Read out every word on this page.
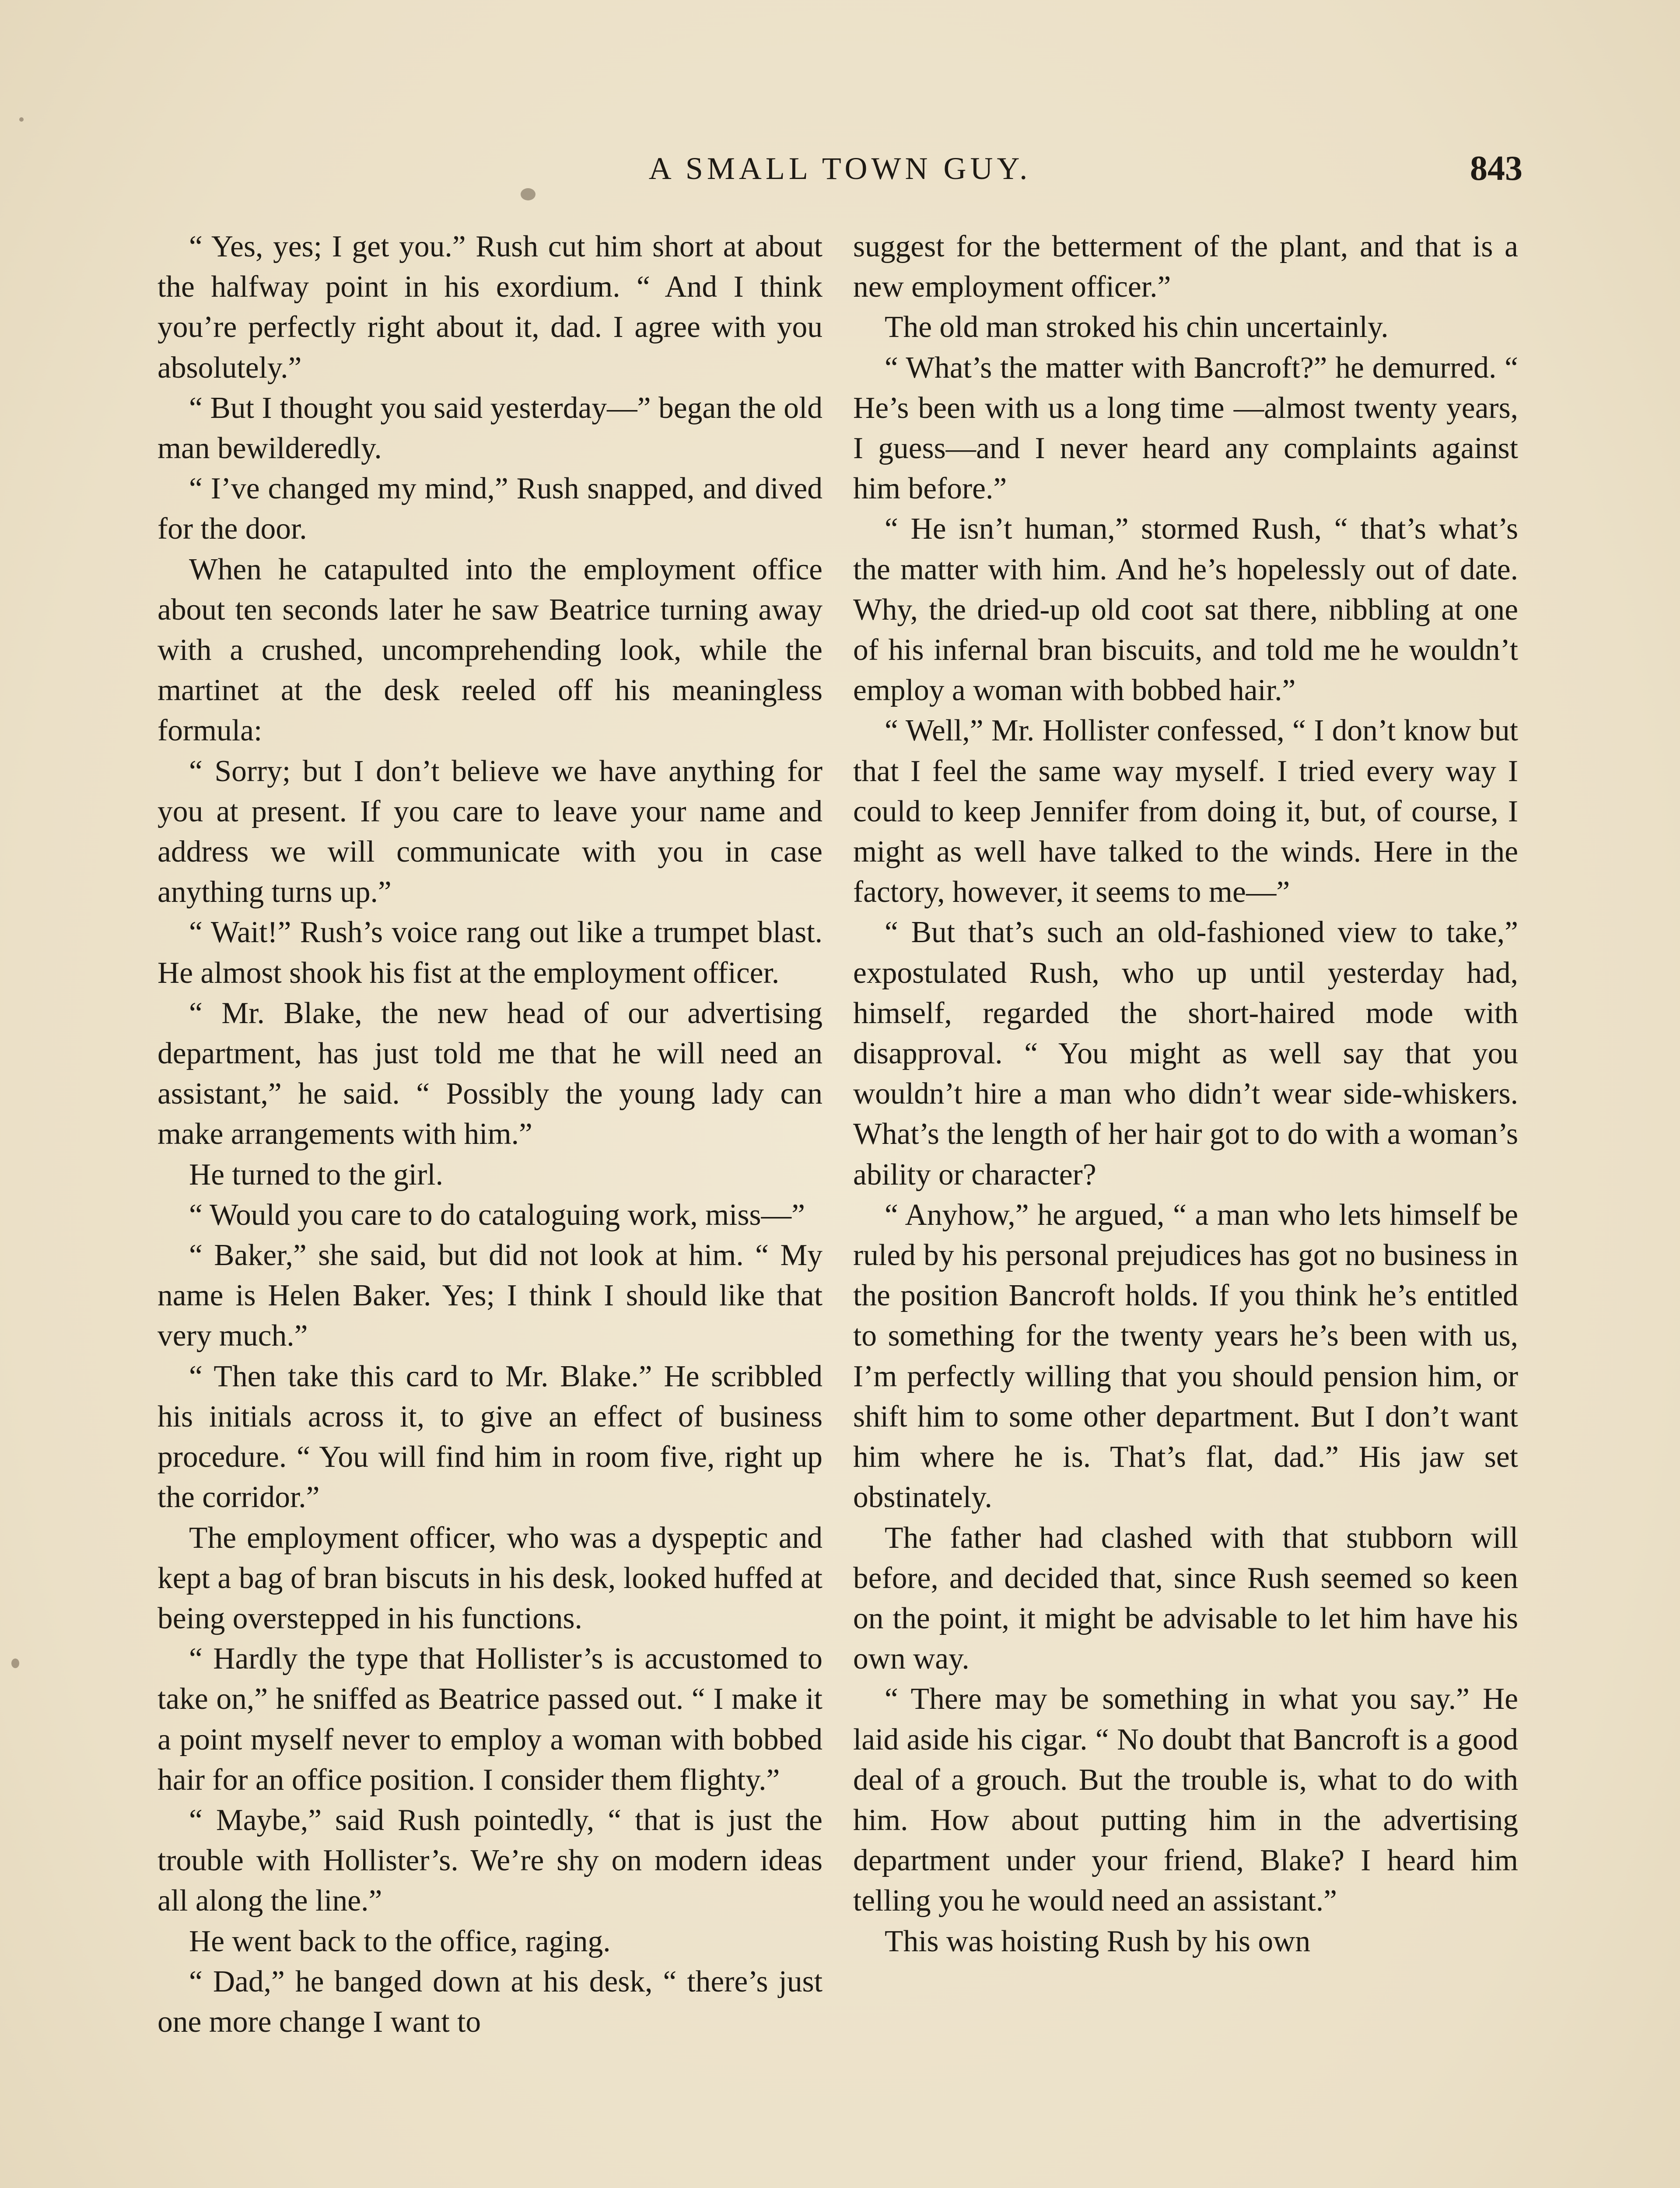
A SMALL TOWN GUY.	843

“ Yes, yes; I get you.” Rush cut him short at about the halfway point in his exordium. “ And I think you’re perfectly right about it, dad. I agree with you absolutely.”

“ But I thought you said yesterday—” began the old man bewilderedly.

“ I’ve changed my mind,” Rush snapped, and dived for the door.

When he catapulted into the employment office about ten seconds later he saw Beatrice turning away with a crushed, uncomprehending look, while the martinet at the desk reeled off his meaningless formula:

“ Sorry; but I don’t believe we have anything for you at present. If you care to leave your name and address we will communicate with you in case anything turns up.”

“ Wait!” Rush’s voice rang out like a trumpet blast. He almost shook his fist at the employment officer.

“ Mr. Blake, the new head of our advertising department, has just told me that he will need an assistant,” he said. “ Possibly the young lady can make arrangements with him.”

He turned to the girl.

“ Would you care to do cataloguing work, miss—”

“ Baker,” she said, but did not look at him. “ My name is Helen Baker. Yes; I think I should like that very much.”

“ Then take this card to Mr. Blake.” He scribbled his initials across it, to give an effect of business procedure. “ You will find him in room five, right up the corridor.”

The employment officer, who was a dyspeptic and kept a bag of bran biscuts in his desk, looked huffed at being overstepped in his functions.

“ Hardly the type that Hollister’s is accustomed to take on,” he sniffed as Beatrice passed out. “ I make it a point myself never to employ a woman with bobbed hair for an office position. I consider them flighty.”

“ Maybe,” said Rush pointedly, “ that is just the trouble with Hollister’s. We’re shy on modern ideas all along the line.”

He went back to the office, raging.

“ Dad,” he banged down at his desk, “ there’s just one more change I want to

suggest for the betterment of the plant, and that is a new employment officer.”

The old man stroked his chin uncertainly.

“ What’s the matter with Bancroft?” he demurred. “ He’s been with us a long time —almost twenty years, I guess—and I never heard any complaints against him before.”

“ He isn’t human,” stormed Rush, “ that’s what’s the matter with him. And he’s hopelessly out of date. Why, the dried-up old coot sat there, nibbling at one of his infernal bran biscuits, and told me he wouldn’t employ a woman with bobbed hair.”

“ Well,” Mr. Hollister confessed, “ I don’t know but that I feel the same way myself. I tried every way I could to keep Jennifer from doing it, but, of course, I might as well have talked to the winds. Here in the factory, however, it seems to me—”

“ But that’s such an old-fashioned view to take,” expostulated Rush, who up until yesterday had, himself, regarded the short-haired mode with disapproval. “ You might as well say that you wouldn’t hire a man who didn’t wear side-whiskers. What’s the length of her hair got to do with a woman’s ability or character?

“ Anyhow,” he argued, “ a man who lets himself be ruled by his personal prejudices has got no business in the position Bancroft holds. If you think he’s entitled to something for the twenty years he’s been with us, I’m perfectly willing that you should pension him, or shift him to some other department. But I don’t want him where he is. That’s flat, dad.” His jaw set obstinately.

The father had clashed with that stubborn will before, and decided that, since Rush seemed so keen on the point, it might be advisable to let him have his own way.

“ There may be something in what you say.” He laid aside his cigar. “ No doubt that Bancroft is a good deal of a grouch. But the trouble is, what to do with him. How about putting him in the advertising department under your friend, Blake? I heard him telling you he would need an assistant.”

This was hoisting Rush by his own
